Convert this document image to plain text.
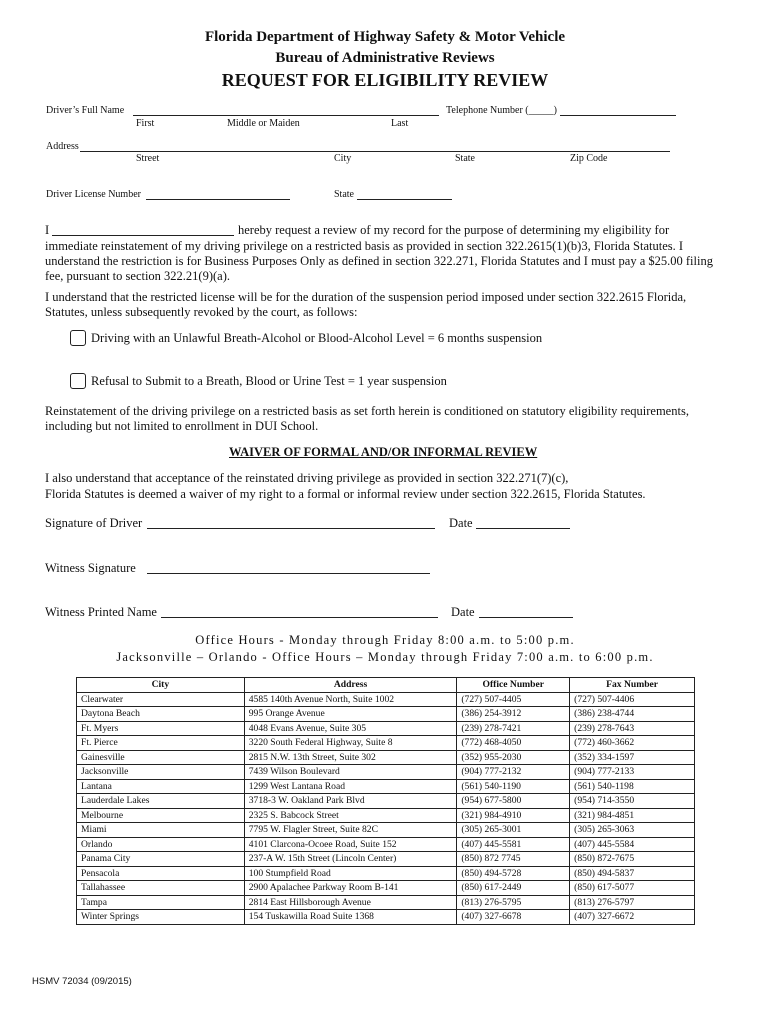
Florida Department of Highway Safety & Motor Vehicle
Bureau of Administrative Reviews
REQUEST FOR ELIGIBILITY REVIEW
Driver’s Full Name	Telephone Number (_____)
First	Middle or Maiden	Last
Address
Street	City	State	Zip Code
Driver License Number	State
I	hereby request a review of my record for the purpose of determining my eligibility for
immediate reinstatement of my driving privilege on a restricted basis as provided in section 322.2615(1)(b)3, Florida Statutes. I
understand the restriction is for Business Purposes Only as defined in section 322.271, Florida Statutes and I must pay a $25.00 filing
fee, pursuant to section 322.21(9)(a).
I understand that the restricted license will be for the duration of the suspension period imposed under section 322.2615 Florida,
Statutes, unless subsequently revoked by the court, as follows:
Driving with an Unlawful Breath-Alcohol or Blood-Alcohol Level = 6 months suspension
Refusal to Submit to a Breath, Blood or Urine Test = 1 year suspension
Reinstatement of the driving privilege on a restricted basis as set forth herein is conditioned on statutory eligibility requirements,
including but not limited to enrollment in DUI School.
WAIVER OF FORMAL AND/OR INFORMAL REVIEW
I also understand that acceptance of the reinstated driving privilege as provided in section 322.271(7)(c),
Florida Statutes is deemed a waiver of my right to a formal or informal review under section 322.2615, Florida Statutes.
Signature of Driver	Date
Witness Signature
Witness Printed Name	Date
Office Hours - Monday through Friday 8:00 a.m. to 5:00 p.m.
Jacksonville – Orlando - Office Hours – Monday through Friday 7:00 a.m. to 6:00 p.m.
City	Address	Office Number	Fax Number
Clearwater	4585 140th Avenue North, Suite 1002	(727) 507-4405	(727) 507-4406
Daytona Beach	995 Orange Avenue	(386) 254-3912	(386) 238-4744
Ft. Myers	4048 Evans Avenue, Suite 305	(239) 278-7421	(239) 278-7643
Ft. Pierce	3220 South Federal Highway, Suite 8	(772) 468-4050	(772) 460-3662
Gainesville	2815 N.W. 13th Street, Suite 302	(352) 955-2030	(352) 334-1597
Jacksonville	7439 Wilson Boulevard	(904) 777-2132	(904) 777-2133
Lantana	1299 West Lantana Road	(561) 540-1190	(561) 540-1198
Lauderdale Lakes	3718-3 W. Oakland Park Blvd	(954) 677-5800	(954) 714-3550
Melbourne	2325 S. Babcock Street	(321) 984-4910	(321) 984-4851
Miami	7795 W. Flagler Street, Suite 82C	(305) 265-3001	(305) 265-3063
Orlando	4101 Clarcona-Ocoee Road, Suite 152	(407) 445-5581	(407) 445-5584
Panama City	237-A W. 15th Street (Lincoln Center)	(850) 872 7745	(850) 872-7675
Pensacola	100 Stumpfield Road	(850) 494-5728	(850) 494-5837
Tallahassee	2900 Apalachee Parkway Room B-141	(850) 617-2449	(850) 617-5077
Tampa	2814 East Hillsborough Avenue	(813) 276-5795	(813) 276-5797
Winter Springs	154 Tuskawilla Road Suite 1368	(407) 327-6678	(407) 327-6672
HSMV 72034 (09/2015)
